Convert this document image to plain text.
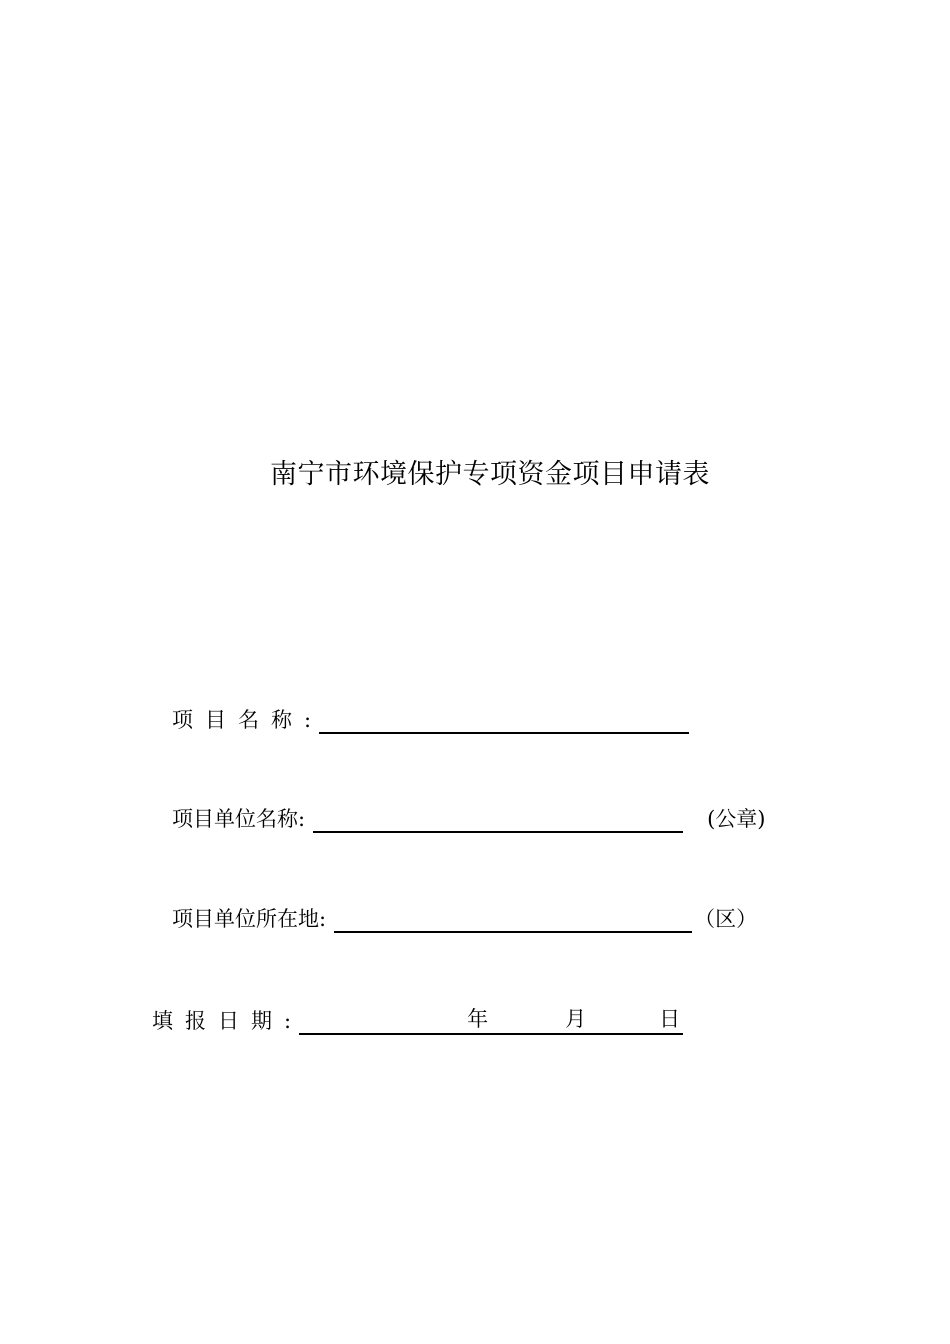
南宁市环境保护专项资金项目申请表
项目名称 :
项目单位名称 :	(公章)
项目单位所在地 :	（区）
填报日期 :	年	月	日
